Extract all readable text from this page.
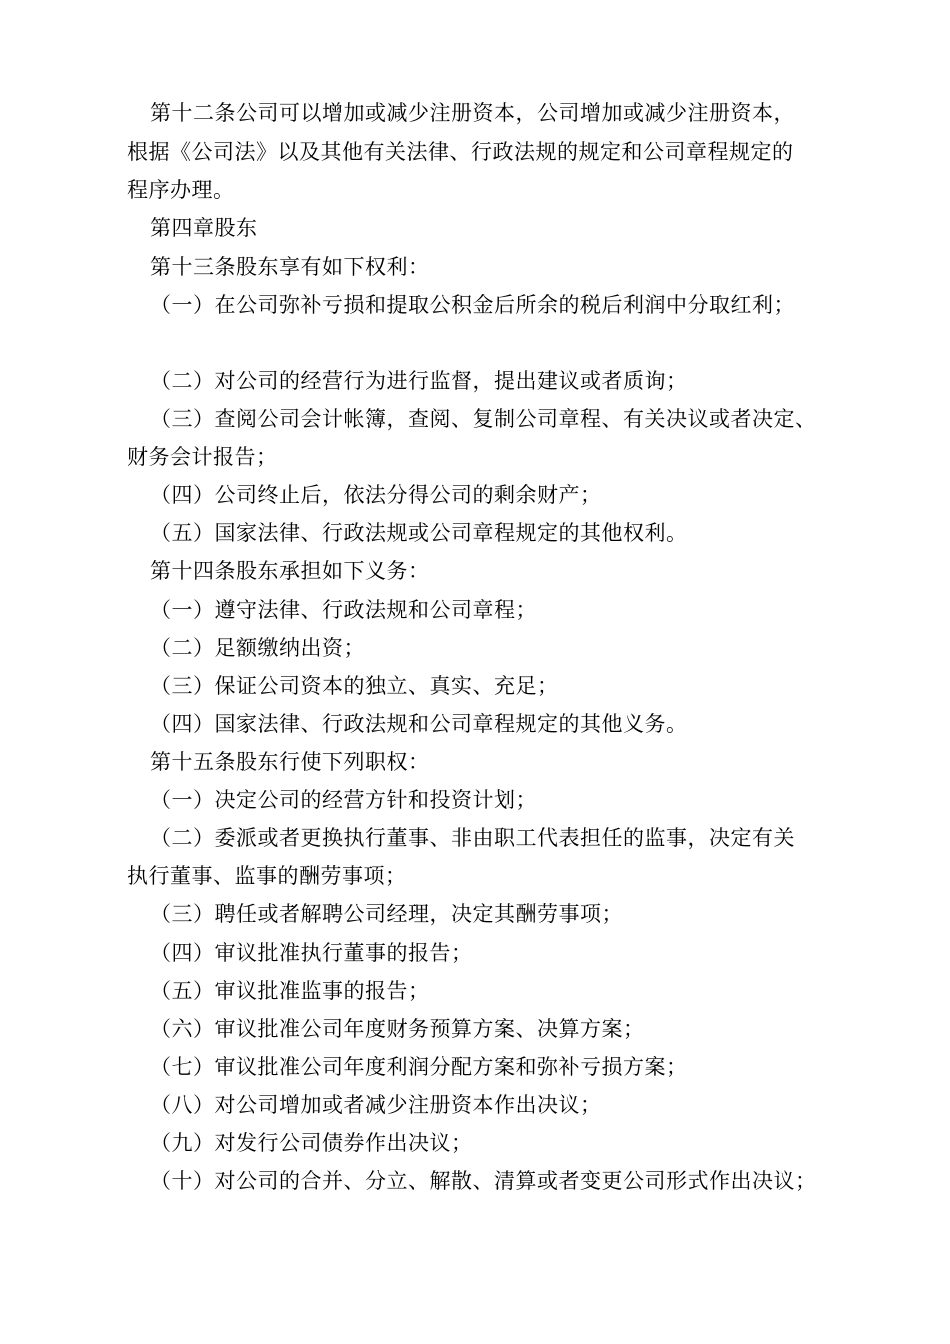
第十二条公司可以增加或减少注册资本，公司增加或减少注册资本，
根据《公司法》以及其他有关法律、行政法规的规定和公司章程规定的
程序办理。
第四章股东
第十三条股东享有如下权利：
（一）在公司弥补亏损和提取公积金后所余的税后利润中分取红利；
（二）对公司的经营行为进行监督，提出建议或者质询；
（三）查阅公司会计帐簿，查阅、复制公司章程、有关决议或者决定、
财务会计报告；
（四）公司终止后，依法分得公司的剩余财产；
（五）国家法律、行政法规或公司章程规定的其他权利。
第十四条股东承担如下义务：
（一）遵守法律、行政法规和公司章程；
（二）足额缴纳出资；
（三）保证公司资本的独立、真实、充足；
（四）国家法律、行政法规和公司章程规定的其他义务。
第十五条股东行使下列职权：
（一）决定公司的经营方针和投资计划；
（二）委派或者更换执行董事、非由职工代表担任的监事，决定有关
执行董事、监事的酬劳事项；
（三）聘任或者解聘公司经理，决定其酬劳事项；
（四）审议批准执行董事的报告；
（五）审议批准监事的报告；
（六）审议批准公司年度财务预算方案、决算方案；
（七）审议批准公司年度利润分配方案和弥补亏损方案；
（八）对公司增加或者减少注册资本作出决议；
（九）对发行公司债券作出决议；
（十）对公司的合并、分立、解散、清算或者变更公司形式作出决议；
